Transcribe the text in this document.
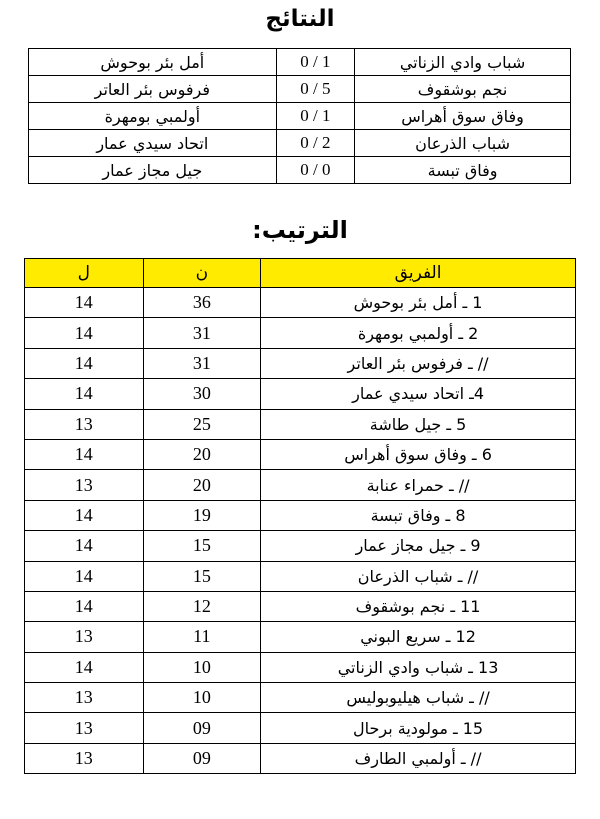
النتائج
شباب وادي الزناتي	0 / 1	أمل بئر بوحوش
نجم بوشقوف	0 / 5	فرفوس بئر العاتر
وفاق سوق أهراس	0 / 1	أولمبي بومهرة
شباب الذرعان	0 / 2	اتحاد سيدي عمار
وفاق تبسة	0 / 0	جيل مجاز عمار
الترتيب:
الفريق	ن	ل
1 ـ أمل بئر بوحوش	36	14
2 ـ أولمبي بومهرة	31	14
// ـ فرفوس بئر العاتر	31	14
4ـ اتحاد سيدي عمار	30	14
5 ـ جيل طاشة	25	13
6 ـ وفاق سوق أهراس	20	14
// ـ حمراء عنابة	20	13
8 ـ وفاق تبسة	19	14
9 ـ جيل مجاز عمار	15	14
// ـ شباب الذرعان	15	14
11 ـ نجم بوشقوف	12	14
12 ـ سريع البوني	11	13
13 ـ شباب وادي الزناتي	10	14
// ـ شباب هيليوبوليس	10	13
15 ـ مولودية برحال	09	13
// ـ أولمبي الطارف	09	13
